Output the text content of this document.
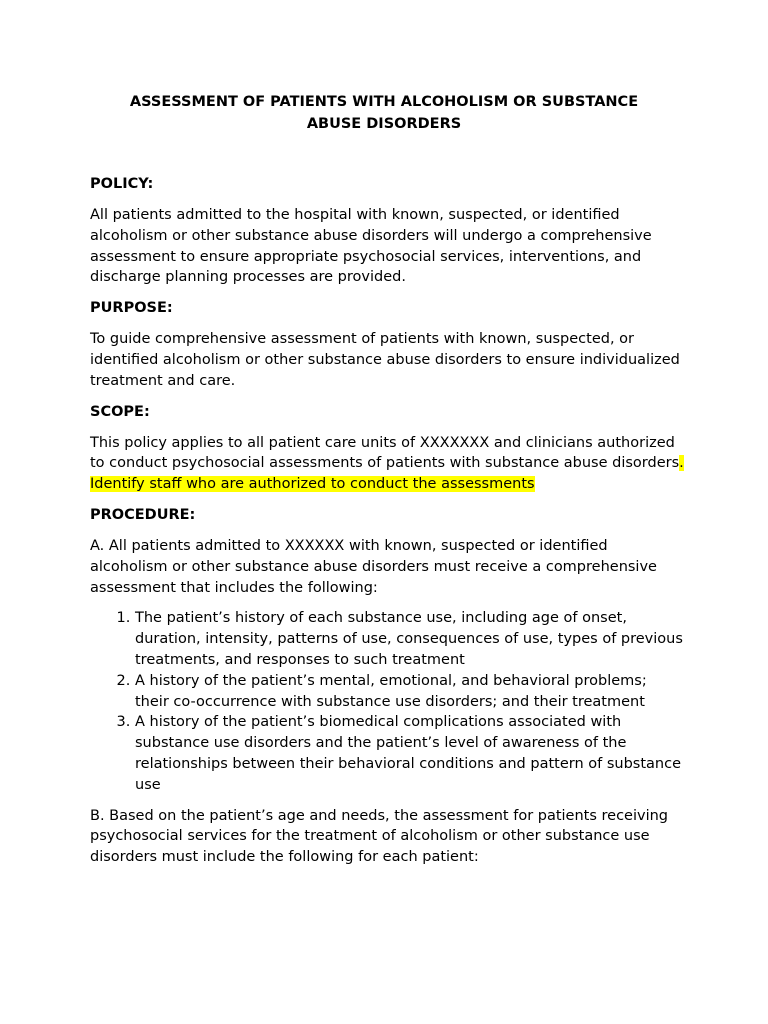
ASSESSMENT OF PATIENTS WITH ALCOHOLISM OR SUBSTANCE
ABUSE DISORDERS
POLICY:
All patients admitted to the hospital with known, suspected, or identified alcoholism or other substance abuse disorders will undergo a comprehensive assessment to ensure appropriate psychosocial services, interventions, and discharge planning processes are provided.
PURPOSE:
To guide comprehensive assessment of patients with known, suspected, or identified alcoholism or other substance abuse disorders to ensure individualized treatment and care.
SCOPE:
This policy applies to all patient care units of XXXXXXX and clinicians authorized to conduct psychosocial assessments of patients with substance abuse disorders. Identify staff who are authorized to conduct the assessments
PROCEDURE:
A. All patients admitted to XXXXXX with known, suspected or identified alcoholism or other substance abuse disorders must receive a comprehensive assessment that includes the following:
1. The patient’s history of each substance use, including age of onset, duration, intensity, patterns of use, consequences of use, types of previous treatments, and responses to such treatment
2. A history of the patient’s mental, emotional, and behavioral problems; their co-occurrence with substance use disorders; and their treatment
3. A history of the patient’s biomedical complications associated with substance use disorders and the patient’s level of awareness of the relationships between their behavioral conditions and pattern of substance use
B. Based on the patient’s age and needs, the assessment for patients receiving psychosocial services for the treatment of alcoholism or other substance use disorders must include the following for each patient:
